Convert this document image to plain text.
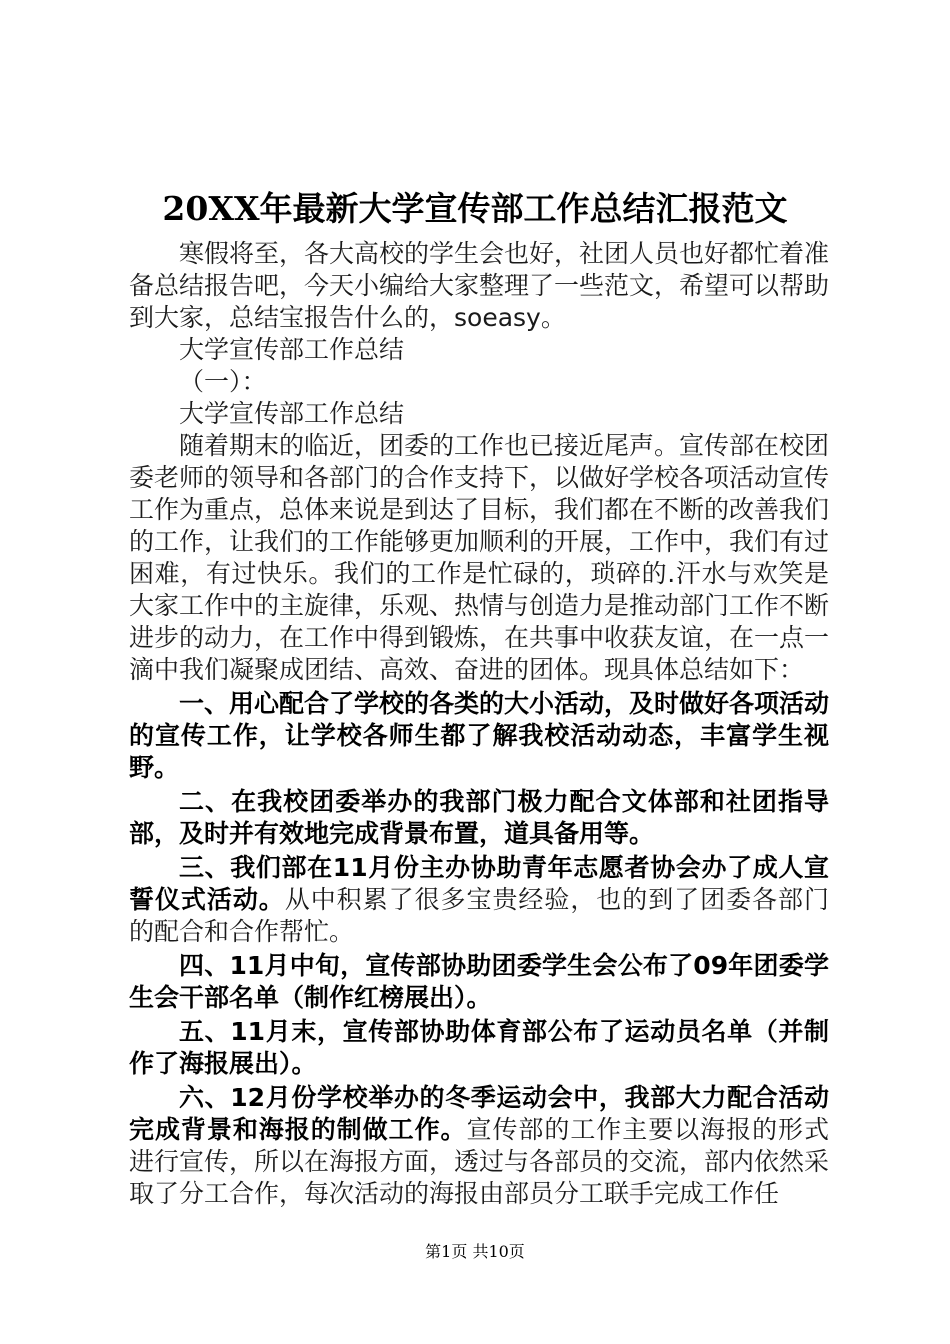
20XX年最新大学宣传部工作总结汇报范文

寒假将至，各大高校的学生会也好，社团人员也好都忙着准备总结报告吧，今天小编给大家整理了一些范文，希望可以帮助到大家，总结宝报告什么的，soeasy。

大学宣传部工作总结

（一）：

大学宣传部工作总结

随着期末的临近，团委的工作也已接近尾声。宣传部在校团委老师的领导和各部门的合作支持下，以做好学校各项活动宣传工作为重点，总体来说是到达了目标，我们都在不断的改善我们的工作，让我们的工作能够更加顺利的开展，工作中，我们有过困难，有过快乐。我们的工作是忙碌的，琐碎的.汗水与欢笑是大家工作中的主旋律，乐观、热情与创造力是推动部门工作不断进步的动力，在工作中得到锻炼，在共事中收获友谊，在一点一滴中我们凝聚成团结、高效、奋进的团体。现具体总结如下：

一、用心配合了学校的各类的大小活动，及时做好各项活动的宣传工作，让学校各师生都了解我校活动动态，丰富学生视野。

二、在我校团委举办的我部门极力配合文体部和社团指导部，及时并有效地完成背景布置，道具备用等。

三、我们部在11月份主办协助青年志愿者协会办了成人宣誓仪式活动。从中积累了很多宝贵经验，也的到了团委各部门的配合和合作帮忙。

四、11月中旬，宣传部协助团委学生会公布了09年团委学生会干部名单（制作红榜展出）。

五、11月末，宣传部协助体育部公布了运动员名单（并制作了海报展出）。

六、12月份学校举办的冬季运动会中，我部大力配合活动完成背景和海报的制做工作。宣传部的工作主要以海报的形式进行宣传，所以在海报方面，透过与各部员的交流，部内依然采取了分工合作，每次活动的海报由部员分工联手完成工作任

第1页 共10页
